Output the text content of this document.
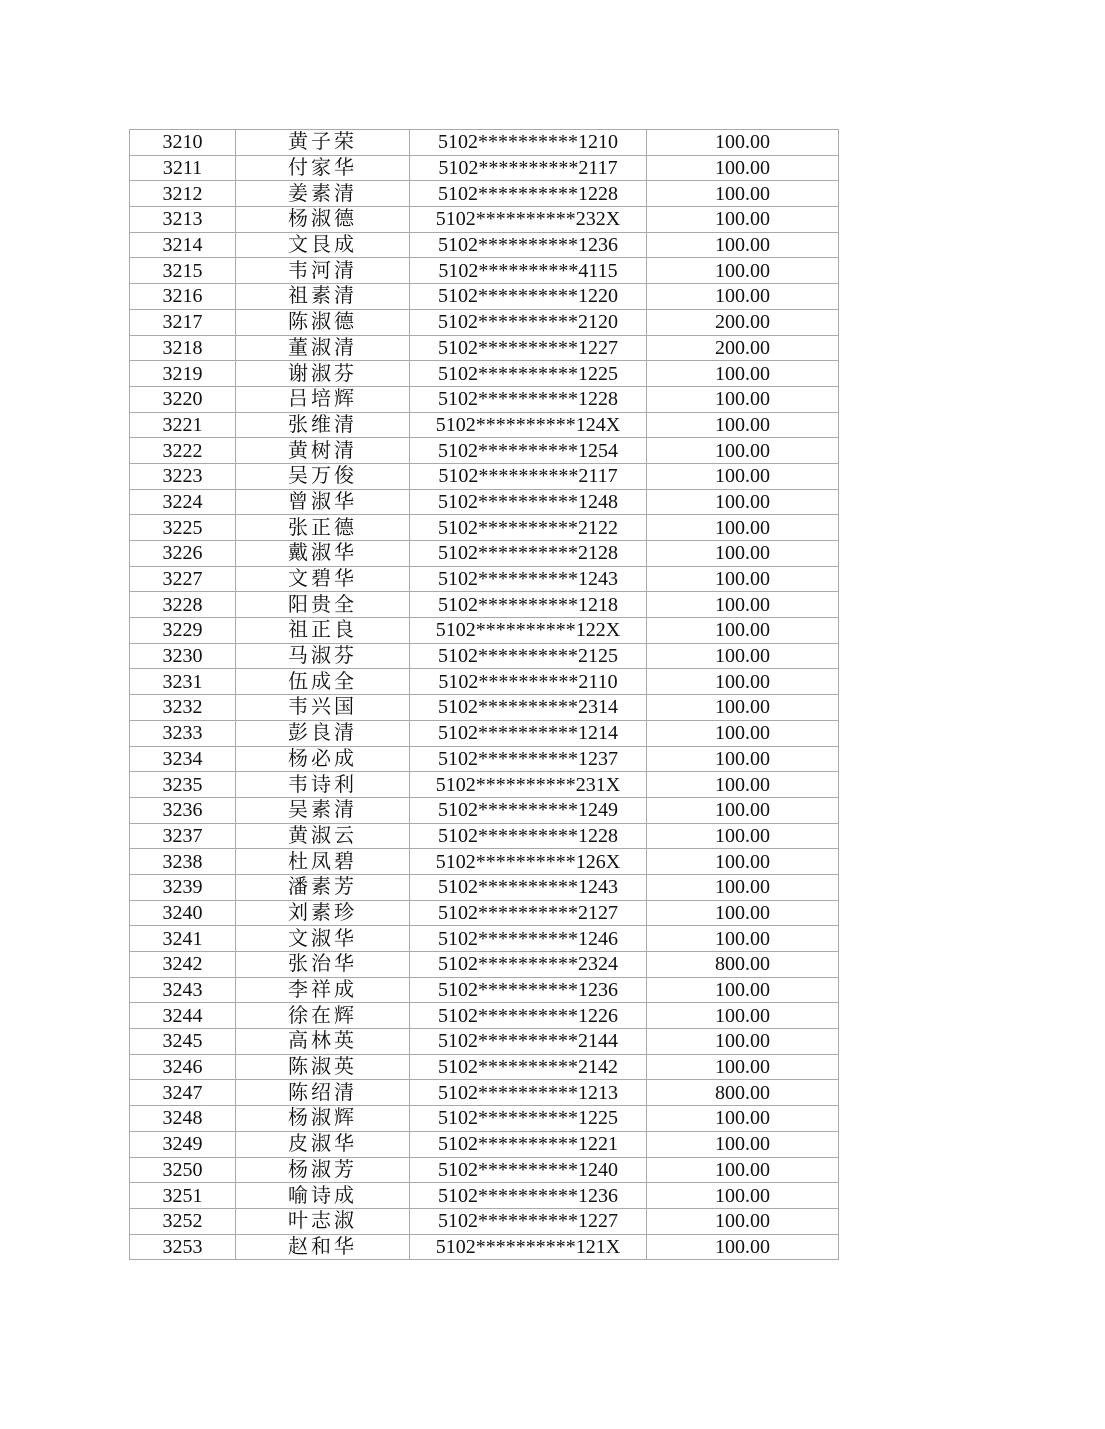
3210	黄子荣	5102**********1210	100.00
3211	付家华	5102**********2117	100.00
3212	姜素清	5102**********1228	100.00
3213	杨淑德	5102**********232X	100.00
3214	文艮成	5102**********1236	100.00
3215	韦河清	5102**********4115	100.00
3216	祖素清	5102**********1220	100.00
3217	陈淑德	5102**********2120	200.00
3218	董淑清	5102**********1227	200.00
3219	谢淑芬	5102**********1225	100.00
3220	吕培辉	5102**********1228	100.00
3221	张维清	5102**********124X	100.00
3222	黄树清	5102**********1254	100.00
3223	吴万俊	5102**********2117	100.00
3224	曾淑华	5102**********1248	100.00
3225	张正德	5102**********2122	100.00
3226	戴淑华	5102**********2128	100.00
3227	文碧华	5102**********1243	100.00
3228	阳贵全	5102**********1218	100.00
3229	祖正良	5102**********122X	100.00
3230	马淑芬	5102**********2125	100.00
3231	伍成全	5102**********2110	100.00
3232	韦兴国	5102**********2314	100.00
3233	彭良清	5102**********1214	100.00
3234	杨必成	5102**********1237	100.00
3235	韦诗利	5102**********231X	100.00
3236	吴素清	5102**********1249	100.00
3237	黄淑云	5102**********1228	100.00
3238	杜凤碧	5102**********126X	100.00
3239	潘素芳	5102**********1243	100.00
3240	刘素珍	5102**********2127	100.00
3241	文淑华	5102**********1246	100.00
3242	张治华	5102**********2324	800.00
3243	李祥成	5102**********1236	100.00
3244	徐在辉	5102**********1226	100.00
3245	高林英	5102**********2144	100.00
3246	陈淑英	5102**********2142	100.00
3247	陈绍清	5102**********1213	800.00
3248	杨淑辉	5102**********1225	100.00
3249	皮淑华	5102**********1221	100.00
3250	杨淑芳	5102**********1240	100.00
3251	喻诗成	5102**********1236	100.00
3252	叶志淑	5102**********1227	100.00
3253	赵和华	5102**********121X	100.00
